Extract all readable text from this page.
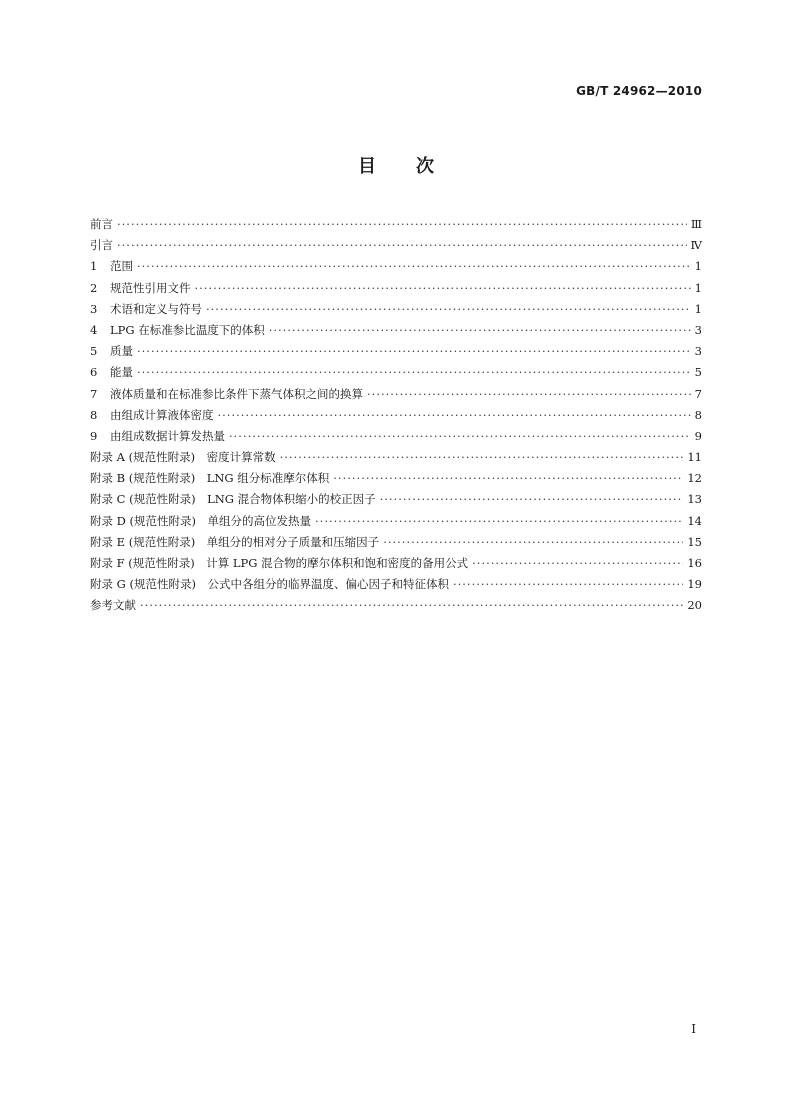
GB/T 24962—2010
目次
前言 ·····	Ⅲ
引言 ·····	Ⅳ
1	范围 ·····	1
2	规范性引用文件 ·····	1
3	术语和定义与符号 ·····	1
4	LPG 在标准参比温度下的体积 ·····	3
5	质量 ·····	3
6	能量 ·····	5
7	液体质量和在标准参比条件下蒸气体积之间的换算 ·····	7
8	由组成计算液体密度 ·····	8
9	由组成数据计算发热量 ·····	9
附录 A (规范性附录)　密度计算常数 ·····	11
附录 B (规范性附录)　LNG 组分标准摩尔体积 ·····	12
附录 C (规范性附录)　LNG 混合物体积缩小的校正因子 ·····	13
附录 D (规范性附录)　单组分的高位发热量 ·····	14
附录 E (规范性附录)　单组分的相对分子质量和压缩因子 ·····	15
附录 F (规范性附录)　计算 LPG 混合物的摩尔体积和饱和密度的备用公式 ·····	16
附录 G (规范性附录)　公式中各组分的临界温度、偏心因子和特征体积 ·····	19
参考文献 ·····	20
Ⅰ
